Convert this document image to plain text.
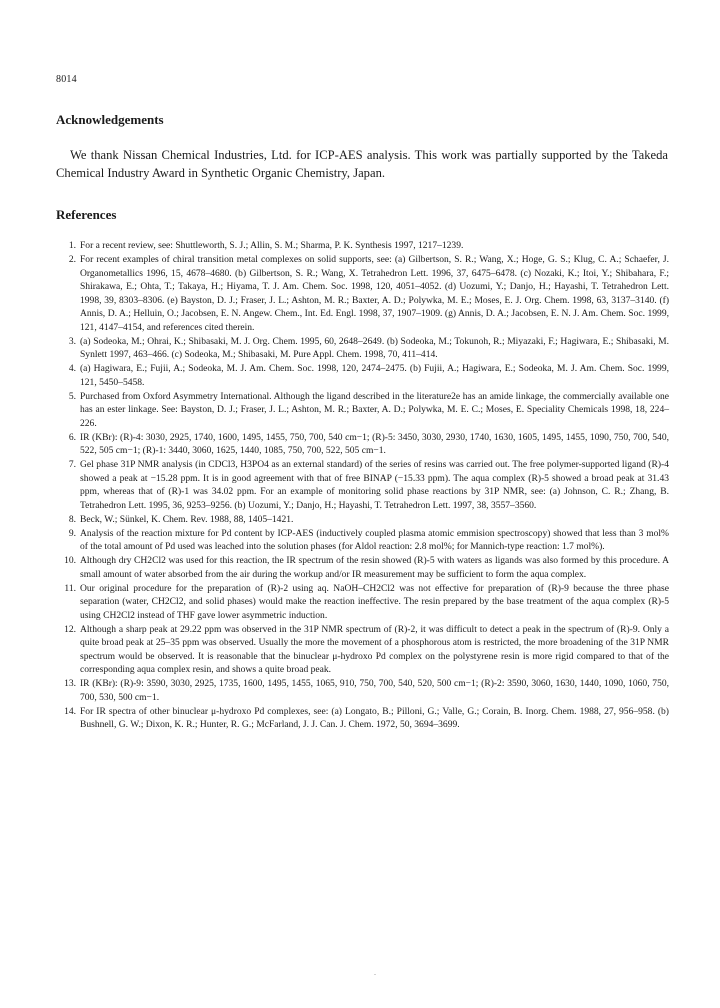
8014
Acknowledgements
We thank Nissan Chemical Industries, Ltd. for ICP-AES analysis. This work was partially supported by the Takeda Chemical Industry Award in Synthetic Organic Chemistry, Japan.
References
1. For a recent review, see: Shuttleworth, S. J.; Allin, S. M.; Sharma, P. K. Synthesis 1997, 1217–1239.
2. For recent examples of chiral transition metal complexes on solid supports, see: (a) Gilbertson, S. R.; Wang, X.; Hoge, G. S.; Klug, C. A.; Schaefer, J. Organometallics 1996, 15, 4678–4680. (b) Gilbertson, S. R.; Wang, X. Tetrahedron Lett. 1996, 37, 6475–6478. (c) Nozaki, K.; Itoi, Y.; Shibahara, F.; Shirakawa, E.; Ohta, T.; Takaya, H.; Hiyama, T. J. Am. Chem. Soc. 1998, 120, 4051–4052. (d) Uozumi, Y.; Danjo, H.; Hayashi, T. Tetrahedron Lett. 1998, 39, 8303–8306. (e) Bayston, D. J.; Fraser, J. L.; Ashton, M. R.; Baxter, A. D.; Polywka, M. E.; Moses, E. J. Org. Chem. 1998, 63, 3137–3140. (f) Annis, D. A.; Helluin, O.; Jacobsen, E. N. Angew. Chem., Int. Ed. Engl. 1998, 37, 1907–1909. (g) Annis, D. A.; Jacobsen, E. N. J. Am. Chem. Soc. 1999, 121, 4147–4154, and references cited therein.
3. (a) Sodeoka, M.; Ohrai, K.; Shibasaki, M. J. Org. Chem. 1995, 60, 2648–2649. (b) Sodeoka, M.; Tokunoh, R.; Miyazaki, F.; Hagiwara, E.; Shibasaki, M. Synlett 1997, 463–466. (c) Sodeoka, M.; Shibasaki, M. Pure Appl. Chem. 1998, 70, 411–414.
4. (a) Hagiwara, E.; Fujii, A.; Sodeoka, M. J. Am. Chem. Soc. 1998, 120, 2474–2475. (b) Fujii, A.; Hagiwara, E.; Sodeoka, M. J. Am. Chem. Soc. 1999, 121, 5450–5458.
5. Purchased from Oxford Asymmetry International. Although the ligand described in the literature2e has an amide linkage, the commercially available one has an ester linkage. See: Bayston, D. J.; Fraser, J. L.; Ashton, M. R.; Baxter, A. D.; Polywka, M. E. C.; Moses, E. Speciality Chemicals 1998, 18, 224–226.
6. IR (KBr): (R)-4: 3030, 2925, 1740, 1600, 1495, 1455, 750, 700, 540 cm−1; (R)-5: 3450, 3030, 2930, 1740, 1630, 1605, 1495, 1455, 1090, 750, 700, 540, 522, 505 cm−1; (R)-1: 3440, 3060, 1625, 1440, 1085, 750, 700, 522, 505 cm−1.
7. Gel phase 31P NMR analysis (in CDCl3, H3PO4 as an external standard) of the series of resins was carried out. The free polymer-supported ligand (R)-4 showed a peak at −15.28 ppm. It is in good agreement with that of free BINAP (−15.33 ppm). The aqua complex (R)-5 showed a broad peak at 31.43 ppm, whereas that of (R)-1 was 34.02 ppm. For an example of monitoring solid phase reactions by 31P NMR, see: (a) Johnson, C. R.; Zhang, B. Tetrahedron Lett. 1995, 36, 9253–9256. (b) Uozumi, Y.; Danjo, H.; Hayashi, T. Tetrahedron Lett. 1997, 38, 3557–3560.
8. Beck, W.; Sünkel, K. Chem. Rev. 1988, 88, 1405–1421.
9. Analysis of the reaction mixture for Pd content by ICP-AES (inductively coupled plasma atomic emmision spectroscopy) showed that less than 3 mol% of the total amount of Pd used was leached into the solution phases (for Aldol reaction: 2.8 mol%; for Mannich-type reaction: 1.7 mol%).
10. Although dry CH2Cl2 was used for this reaction, the IR spectrum of the resin showed (R)-5 with waters as ligands was also formed by this procedure. A small amount of water absorbed from the air during the workup and/or IR measurement may be sufficient to form the aqua complex.
11. Our original procedure for the preparation of (R)-2 using aq. NaOH–CH2Cl2 was not effective for preparation of (R)-9 because the three phase separation (water, CH2Cl2, and solid phases) would make the reaction ineffective. The resin prepared by the base treatment of the aqua complex (R)-5 using CH2Cl2 instead of THF gave lower asymmetric induction.
12. Although a sharp peak at 29.22 ppm was observed in the 31P NMR spectrum of (R)-2, it was difficult to detect a peak in the spectrum of (R)-9. Only a quite broad peak at 25–35 ppm was observed. Usually the more the movement of a phosphorous atom is restricted, the more broadening of the 31P NMR spectrum would be observed. It is reasonable that the binuclear μ-hydroxo Pd complex on the polystyrene resin is more rigid compared to that of the corresponding aqua complex resin, and shows a quite broad peak.
13. IR (KBr): (R)-9: 3590, 3030, 2925, 1735, 1600, 1495, 1455, 1065, 910, 750, 700, 540, 520, 500 cm−1; (R)-2: 3590, 3060, 1630, 1440, 1090, 1060, 750, 700, 530, 500 cm−1.
14. For IR spectra of other binuclear μ-hydroxo Pd complexes, see: (a) Longato, B.; Pilloni, G.; Valle, G.; Corain, B. Inorg. Chem. 1988, 27, 956–958. (b) Bushnell, G. W.; Dixon, K. R.; Hunter, R. G.; McFarland, J. J. Can. J. Chem. 1972, 50, 3694–3699.
.
